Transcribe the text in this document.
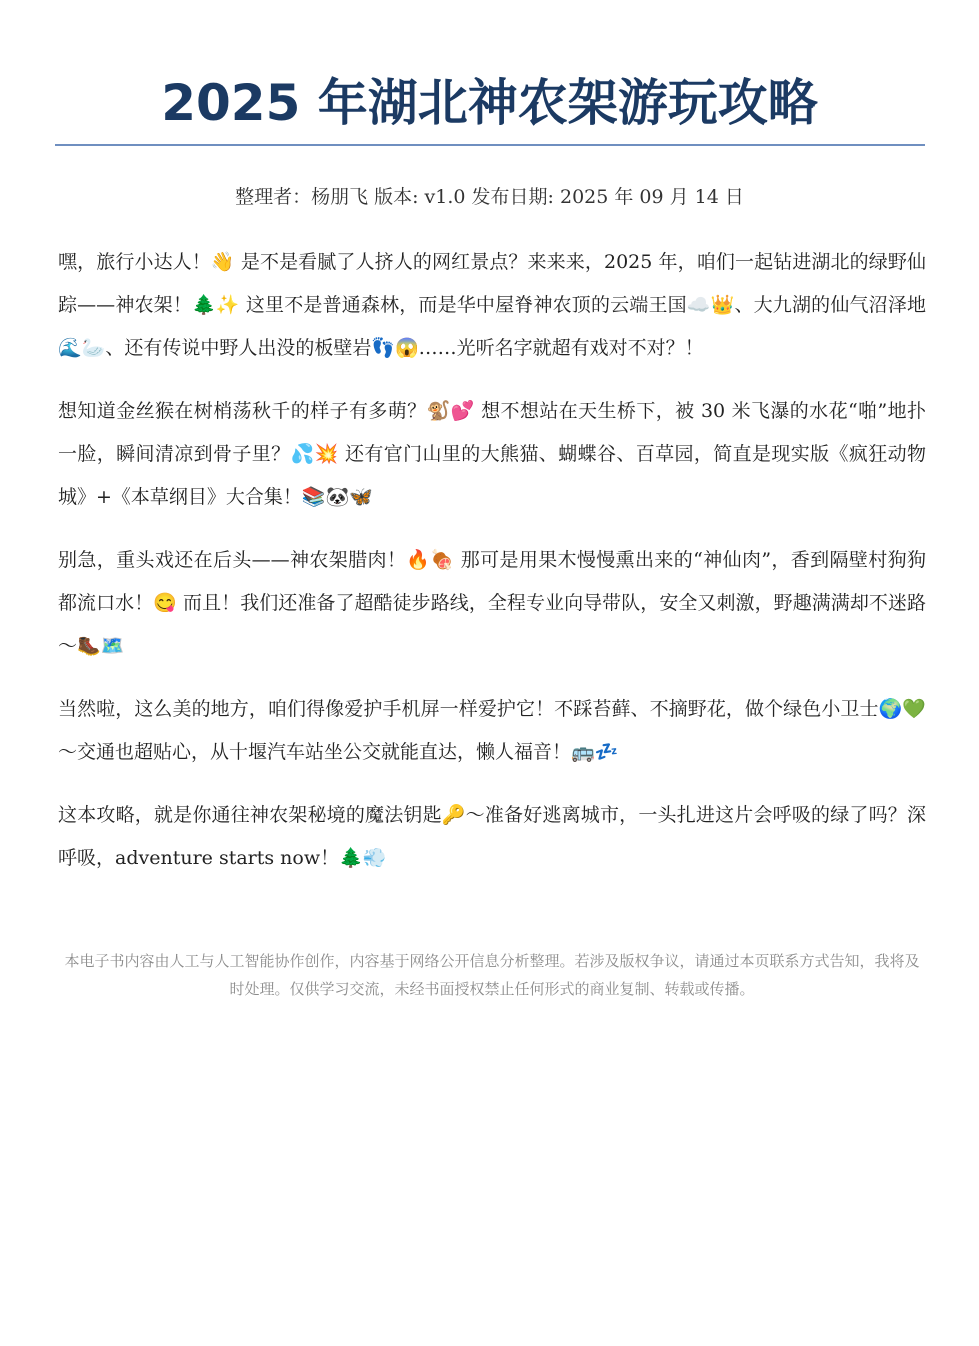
2025 年湖北神农架游玩攻略
整理者：杨朋飞 版本: v1.0 发布日期: 2025 年 09 月 14 日

嘿，旅行小达人！👋 是不是看腻了人挤人的网红景点？来来来，2025 年，咱们一起钻进湖北的绿野仙踪——神农架！🌲✨ 这里不是普通森林，而是华中屋脊神农顶的云端王国☁️👑、大九湖的仙气沼泽地🌊🦢、还有传说中野人出没的板壁岩👣😱……光听名字就超有戏对不对？！

想知道金丝猴在树梢荡秋千的样子有多萌？🐒💕 想不想站在天生桥下，被 30 米飞瀑的水花“啪”地扑一脸，瞬间清凉到骨子里？💦💥 还有官门山里的大熊猫、蝴蝶谷、百草园，简直是现实版《疯狂动物城》+《本草纲目》大合集！📚🐼🦋

别急，重头戏还在后头——神农架腊肉！🔥🍖 那可是用果木慢慢熏出来的“神仙肉”，香到隔壁村狗狗都流口水！😋 而且！我们还准备了超酷徒步路线，全程专业向导带队，安全又刺激，野趣满满却不迷路～🥾🗺️

当然啦，这么美的地方，咱们得像爱护手机屏一样爱护它！不踩苔藓、不摘野花，做个绿色小卫士🌍💚～交通也超贴心，从十堰汽车站坐公交就能直达，懒人福音！🚌💤

这本攻略，就是你通往神农架秘境的魔法钥匙🔑～准备好逃离城市，一头扎进这片会呼吸的绿了吗？深呼吸，adventure starts now！🌲💨

本电子书内容由人工与人工智能协作创作，内容基于网络公开信息分析整理。若涉及版权争议，请通过本页联系方式告知，我将及时处理。仅供学习交流，未经书面授权禁止任何形式的商业复制、转载或传播。
